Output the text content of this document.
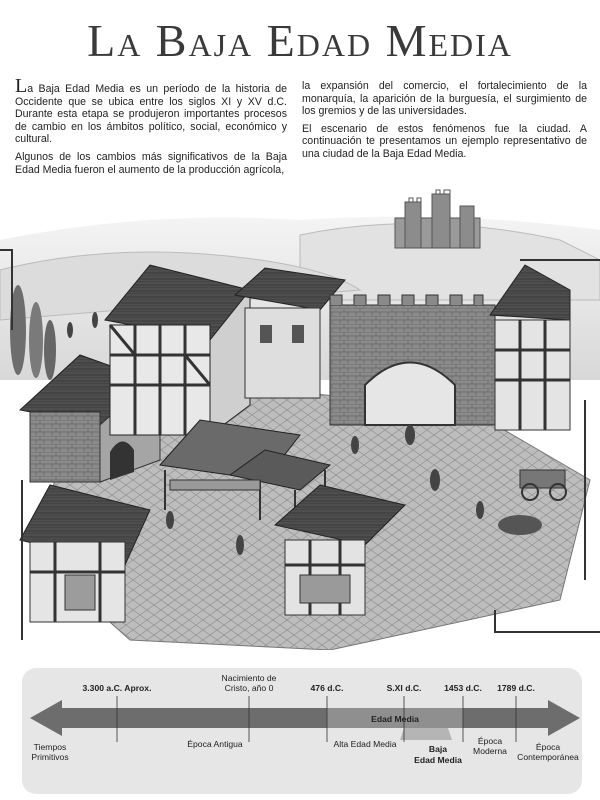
La Baja Edad Media

La Baja Edad Media es un período de la historia de Occidente que se ubica entre los siglos XI y XV d.C. Durante esta etapa se produjeron importantes procesos de cambio en los ámbitos político, social, económico y cultural.

Algunos de los cambios más significativos de la Baja Edad Media fueron el aumento de la producción agrícola,

la expansión del comercio, el fortalecimiento de la monarquía, la aparición de la burguesía, el surgimiento de los gremios y de las universidades.

El escenario de estos fenómenos fue la ciudad. A continuación te presentamos un ejemplo representativo de una ciudad de la Baja Edad Media.

3.300 a.C. Aprox.
Nacimiento de
Cristo, año 0	476 d.C.	S.XI d.C.	1453 d.C. 1789 d.C.
Edad Media
Tiempos
Primitivos
Época Antigua	Alta Edad Media	Baja
Edad Media
Época
Moderna	Época
Contemporánea
